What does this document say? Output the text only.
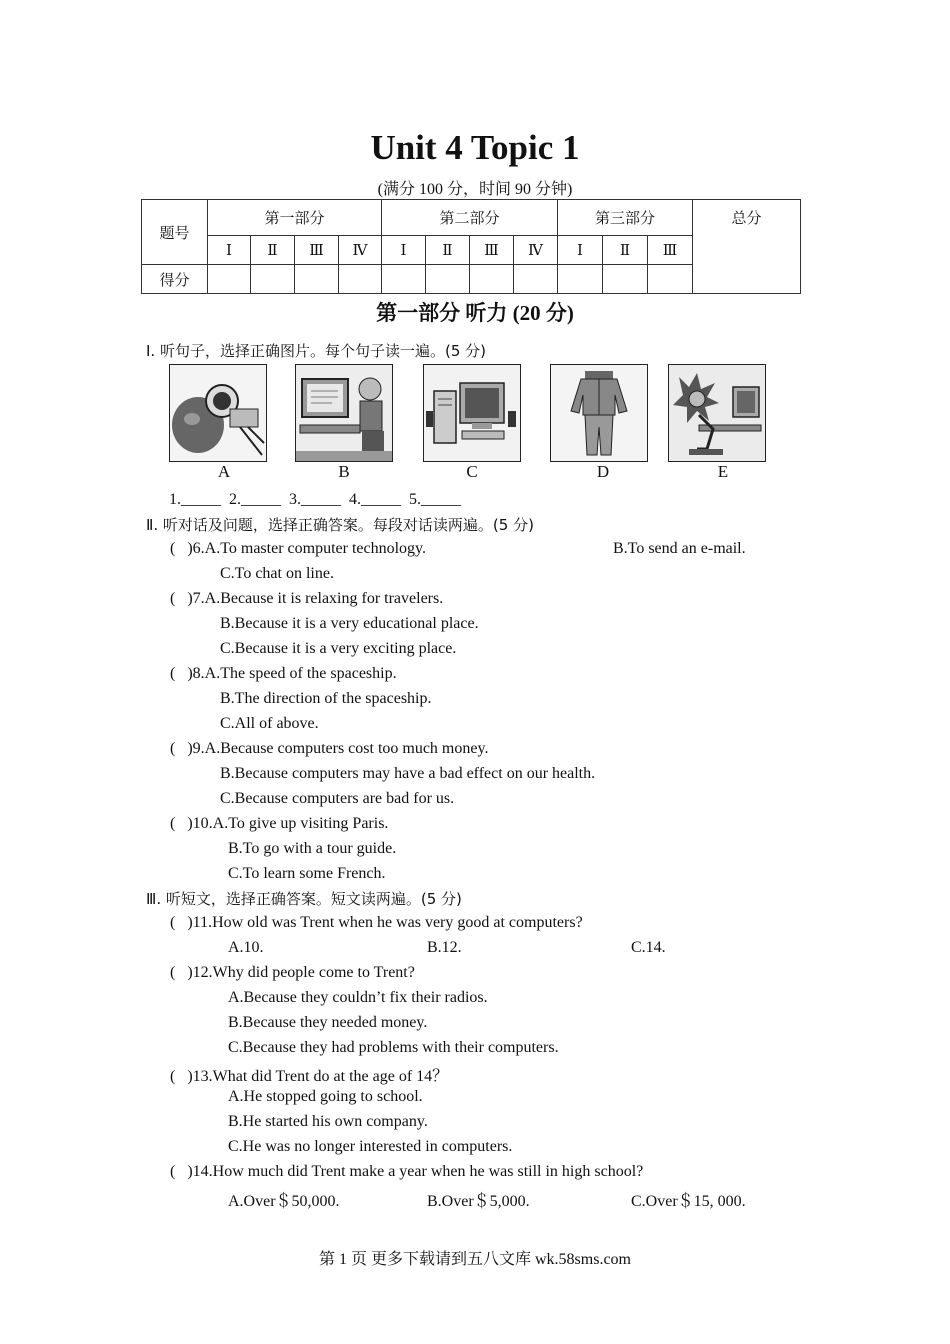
Unit 4 Topic 1
(满分 100 分，时间 90 分钟)
题号	第一部分				第二部分				第三部分			总分
	Ⅰ	Ⅱ	Ⅲ	Ⅳ	Ⅰ	Ⅱ	Ⅲ	Ⅳ	Ⅰ	Ⅱ	Ⅲ	
得分												
第一部分 听力 (20 分)
Ⅰ. 听句子，选择正确图片。每个句子读一遍。(5 分)
A	B	C	D	E
1._____  2._____  3._____  4._____  5._____
Ⅱ. 听对话及问题，选择正确答案。每段对话读两遍。(5 分)
(   )6.A.To master computer technology.	B.To send an e-mail.
C.To chat on line.
(   )7.A.Because it is relaxing for travelers.
B.Because it is a very educational place.
C.Because it is a very exciting place.
(   )8.A.The speed of the spaceship.
B.The direction of the spaceship.
C.All of above.
(   )9.A.Because computers cost too much money.
B.Because computers may have a bad effect on our health.
C.Because computers are bad for us.
(   )10.A.To give up visiting Paris.
B.To go with a tour guide.
C.To learn some French.
Ⅲ. 听短文，选择正确答案。短文读两遍。(5 分)
(   )11.How old was Trent when he was very good at computers?
A.10.	B.12.	C.14.
(   )12.Why did people come to Trent?
A.Because they couldn’t fix their radios.
B.Because they needed money.
C.Because they had problems with their computers.
(   )13.What did Trent do at the age of 14？
A.He stopped going to school.
B.He started his own company.
C.He was no longer interested in computers.
(   )14.How much did Trent make a year when he was still in high school?
A.Over＄50,000.	B.Over＄5,000.	C.Over＄15, 000.
第 1 页 更多下载请到五八文库 wk.58sms.com
